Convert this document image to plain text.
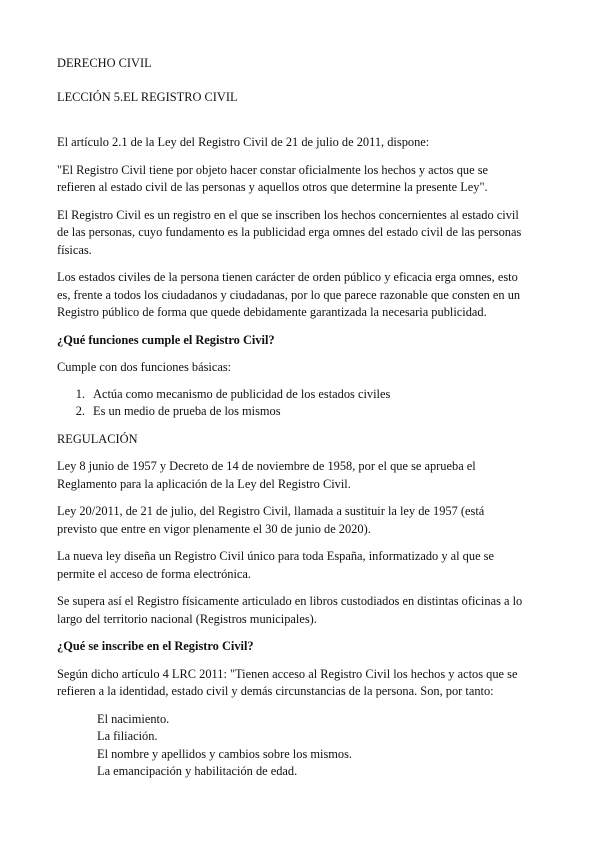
DERECHO CIVIL

LECCIÓN 5.EL REGISTRO CIVIL

El artículo 2.1 de la Ley del Registro Civil de 21 de julio de 2011, dispone:

"El Registro Civil tiene por objeto hacer constar oficialmente los hechos y actos que se refieren al estado civil de las personas y aquellos otros que determine la presente Ley".

El Registro Civil es un registro en el que se inscriben los hechos concernientes al estado civil de las personas, cuyo fundamento es la publicidad erga omnes del estado civil de las personas físicas.

Los estados civiles de la persona tienen carácter de orden público y eficacia erga omnes, esto es, frente a todos los ciudadanos y ciudadanas, por lo que parece razonable que consten en un Registro público de forma que quede debidamente garantizada la necesaria publicidad.

¿Qué funciones cumple el Registro Civil?

Cumple con dos funciones básicas:

1. Actúa como mecanismo de publicidad de los estados civiles
2. Es un medio de prueba de los mismos

REGULACIÓN

Ley 8 junio de 1957 y Decreto de 14 de noviembre de 1958, por el que se aprueba el Reglamento para la aplicación de la Ley del Registro Civil.

Ley 20/2011, de 21 de julio, del Registro Civil, llamada a sustituir la ley de 1957 (está previsto que entre en vigor plenamente el 30 de junio de 2020).

La nueva ley diseña un Registro Civil único para toda España, informatizado y al que se permite el acceso de forma electrónica.

Se supera así el Registro físicamente articulado en libros custodiados en distintas oficinas a lo largo del territorio nacional (Registros municipales).

¿Qué se inscribe en el Registro Civil?

Según dicho artículo 4 LRC 2011: "Tienen acceso al Registro Civil los hechos y actos que se refieren a la identidad, estado civil y demás circunstancias de la persona. Son, por tanto:

El nacimiento.

La filiación.

El nombre y apellidos y cambios sobre los mismos.

La emancipación y habilitación de edad.
